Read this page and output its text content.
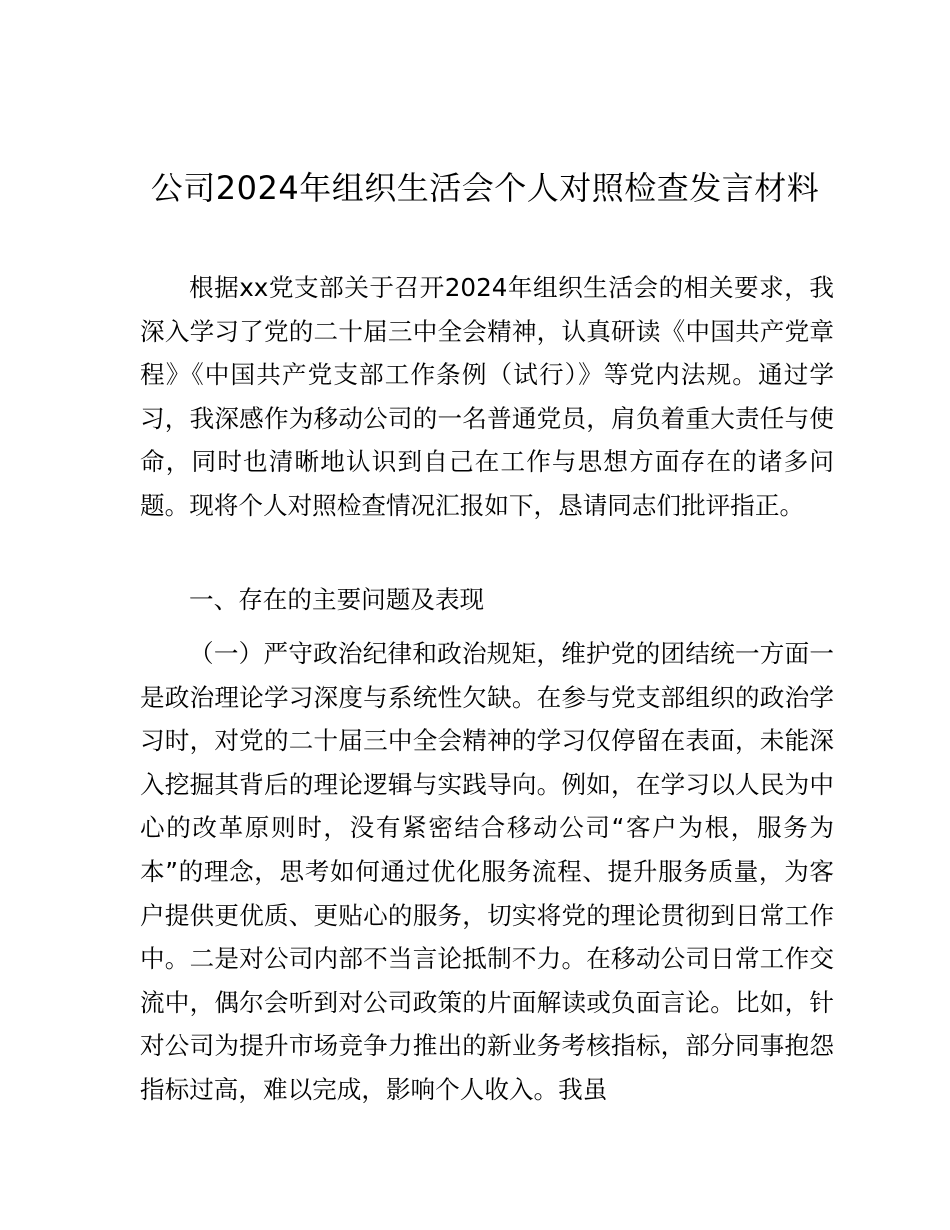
公司2024年组织生活会个人对照检查发言材料

根据xx党支部关于召开2024年组织生活会的相关要求，我深入学习了党的二十届三中全会精神，认真研读《中国共产党章程》《中国共产党支部工作条例（试行）》等党内法规。通过学习，我深感作为移动公司的一名普通党员，肩负着重大责任与使命，同时也清晰地认识到自己在工作与思想方面存在的诸多问题。现将个人对照检查情况汇报如下，恳请同志们批评指正。

一、存在的主要问题及表现

（一）严守政治纪律和政治规矩，维护党的团结统一方面一是政治理论学习深度与系统性欠缺。在参与党支部组织的政治学习时，对党的二十届三中全会精神的学习仅停留在表面，未能深入挖掘其背后的理论逻辑与实践导向。例如，在学习以人民为中心的改革原则时，没有紧密结合移动公司“客户为根，服务为本”的理念，思考如何通过优化服务流程、提升服务质量，为客户提供更优质、更贴心的服务，切实将党的理论贯彻到日常工作中。二是对公司内部不当言论抵制不力。在移动公司日常工作交流中，偶尔会听到对公司政策的片面解读或负面言论。比如，针对公司为提升市场竞争力推出的新业务考核指标，部分同事抱怨指标过高，难以完成，影响个人收入。我虽
